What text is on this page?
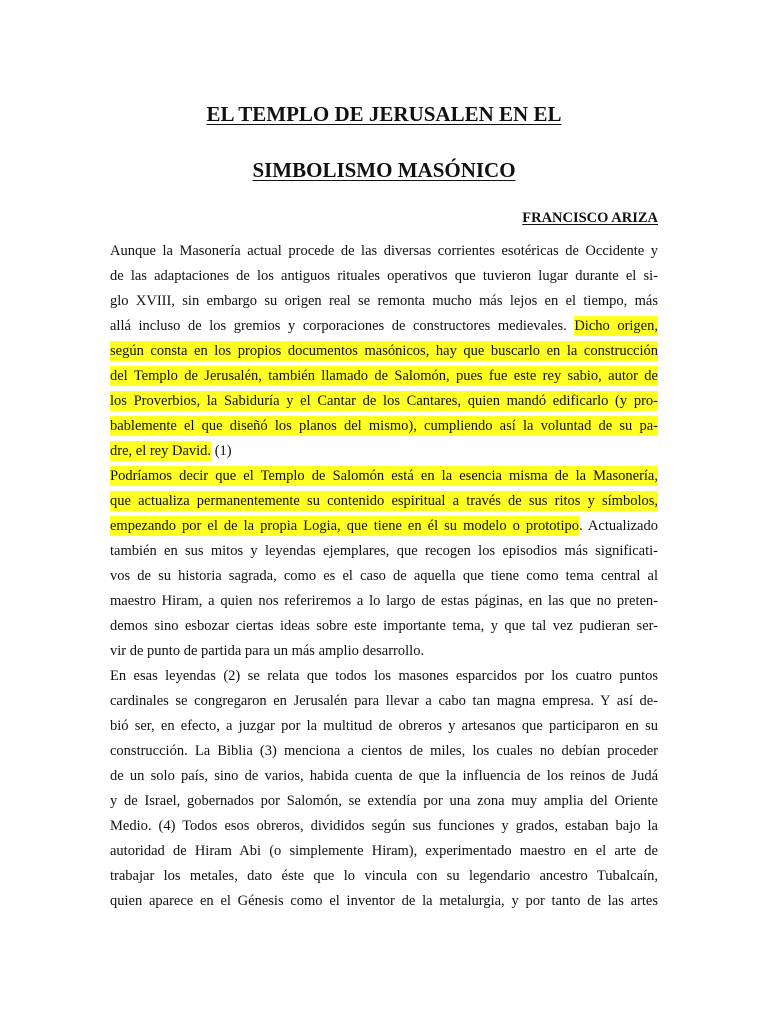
EL TEMPLO DE JERUSALEN EN EL
SIMBOLISMO MASÓNICO
FRANCISCO ARIZA
Aunque la Masonería actual procede de las diversas corrientes esotéricas de Occidente y
de las adaptaciones de los antiguos rituales operativos que tuvieron lugar durante el si-
glo XVIII, sin embargo su origen real se remonta mucho más lejos en el tiempo, más
allá incluso de los gremios y corporaciones de constructores medievales. Dicho origen,
según consta en los propios documentos masónicos, hay que buscarlo en la construcción
del Templo de Jerusalén, también llamado de Salomón, pues fue este rey sabio, autor de
los Proverbios, la Sabiduría y el Cantar de los Cantares, quien mandó edificarlo (y pro-
bablemente el que diseñó los planos del mismo), cumpliendo así la voluntad de su pa-
dre, el rey David. (1)
Podríamos decir que el Templo de Salomón está en la esencia misma de la Masonería,
que actualiza permanentemente su contenido espiritual a través de sus ritos y símbolos,
empezando por el de la propia Logia, que tiene en él su modelo o prototipo. Actualizado
también en sus mitos y leyendas ejemplares, que recogen los episodios más significati-
vos de su historia sagrada, como es el caso de aquella que tiene como tema central al
maestro Hiram, a quien nos referiremos a lo largo de estas páginas, en las que no preten-
demos sino esbozar ciertas ideas sobre este importante tema, y que tal vez pudieran ser-
vir de punto de partida para un más amplio desarrollo.
En esas leyendas (2) se relata que todos los masones esparcidos por los cuatro puntos
cardinales se congregaron en Jerusalén para llevar a cabo tan magna empresa. Y así de-
bió ser, en efecto, a juzgar por la multitud de obreros y artesanos que participaron en su
construcción. La Biblia (3) menciona a cientos de miles, los cuales no debían proceder
de un solo país, sino de varios, habida cuenta de que la influencia de los reinos de Judá
y de Israel, gobernados por Salomón, se extendía por una zona muy amplia del Oriente
Medio. (4) Todos esos obreros, divididos según sus funciones y grados, estaban bajo la
autoridad de Hiram Abi (o simplemente Hiram), experimentado maestro en el arte de
trabajar los metales, dato éste que lo vincula con su legendario ancestro Tubalcaín,
quien aparece en el Génesis como el inventor de la metalurgia, y por tanto de las artes
